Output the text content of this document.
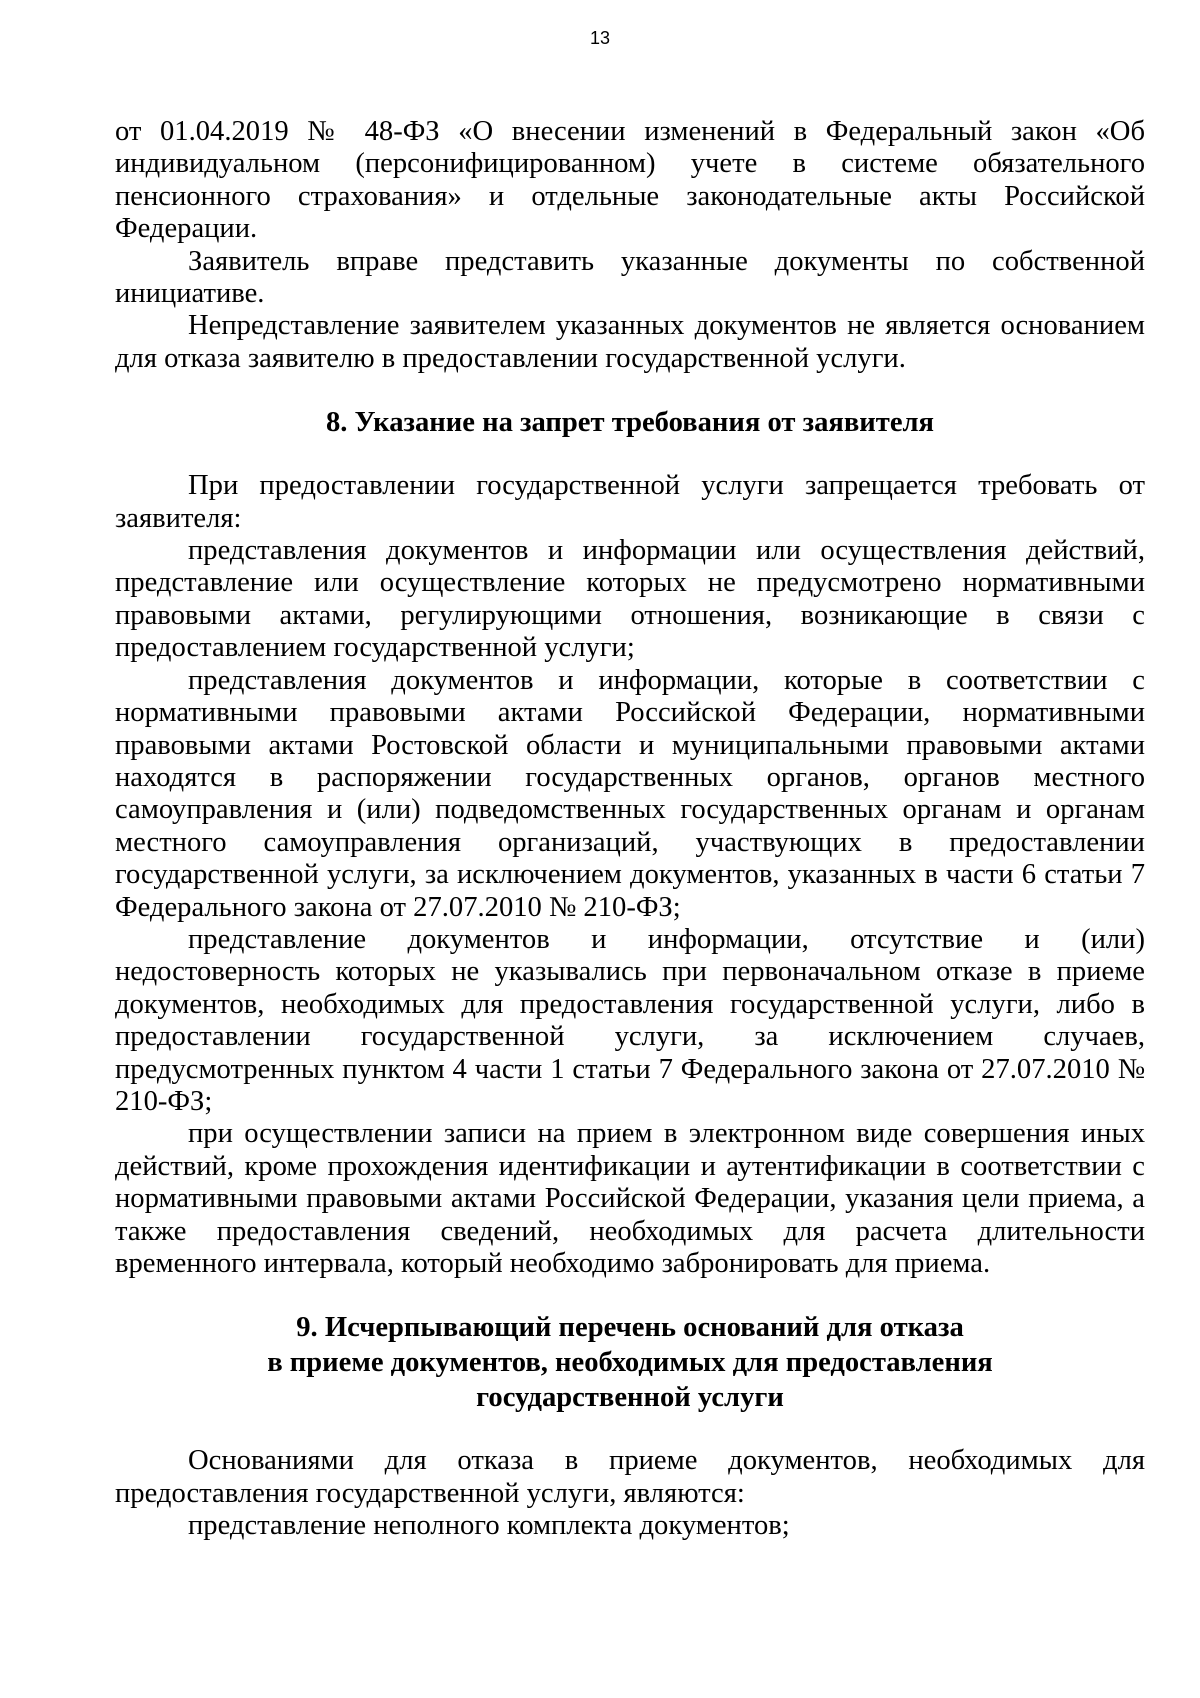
13

от 01.04.2019 № 48-ФЗ «О внесении изменений в Федеральный закон «Об индивидуальном (персонифицированном) учете в системе обязательного пенсионного страхования» и отдельные законодательные акты Российской Федерации.

Заявитель вправе представить указанные документы по собственной инициативе.

Непредставление заявителем указанных документов не является основанием для отказа заявителю в предоставлении государственной услуги.

8. Указание на запрет требования от заявителя

При предоставлении государственной услуги запрещается требовать от заявителя:

представления документов и информации или осуществления действий, представление или осуществление которых не предусмотрено нормативными правовыми актами, регулирующими отношения, возникающие в связи с предоставлением государственной услуги;

представления документов и информации, которые в соответствии с нормативными правовыми актами Российской Федерации, нормативными правовыми актами Ростовской области и муниципальными правовыми актами находятся в распоряжении государственных органов, органов местного самоуправления и (или) подведомственных государственных органам и органам местного самоуправления организаций, участвующих в предоставлении государственной услуги, за исключением документов, указанных в части 6 статьи 7 Федерального закона от 27.07.2010 № 210-ФЗ;

представление документов и информации, отсутствие и (или) недостоверность которых не указывались при первоначальном отказе в приеме документов, необходимых для предоставления государственной услуги, либо в предоставлении государственной услуги, за исключением случаев, предусмотренных пунктом 4 части 1 статьи 7 Федерального закона от 27.07.2010 № 210-ФЗ;

при осуществлении записи на прием в электронном виде совершения иных действий, кроме прохождения идентификации и аутентификации в соответствии с нормативными правовыми актами Российской Федерации, указания цели приема, а также предоставления сведений, необходимых для расчета длительности временного интервала, который необходимо забронировать для приема.

9. Исчерпывающий перечень оснований для отказа
в приеме документов, необходимых для предоставления
государственной услуги

Основаниями для отказа в приеме документов, необходимых для предоставления государственной услуги, являются:

представление неполного комплекта документов;
